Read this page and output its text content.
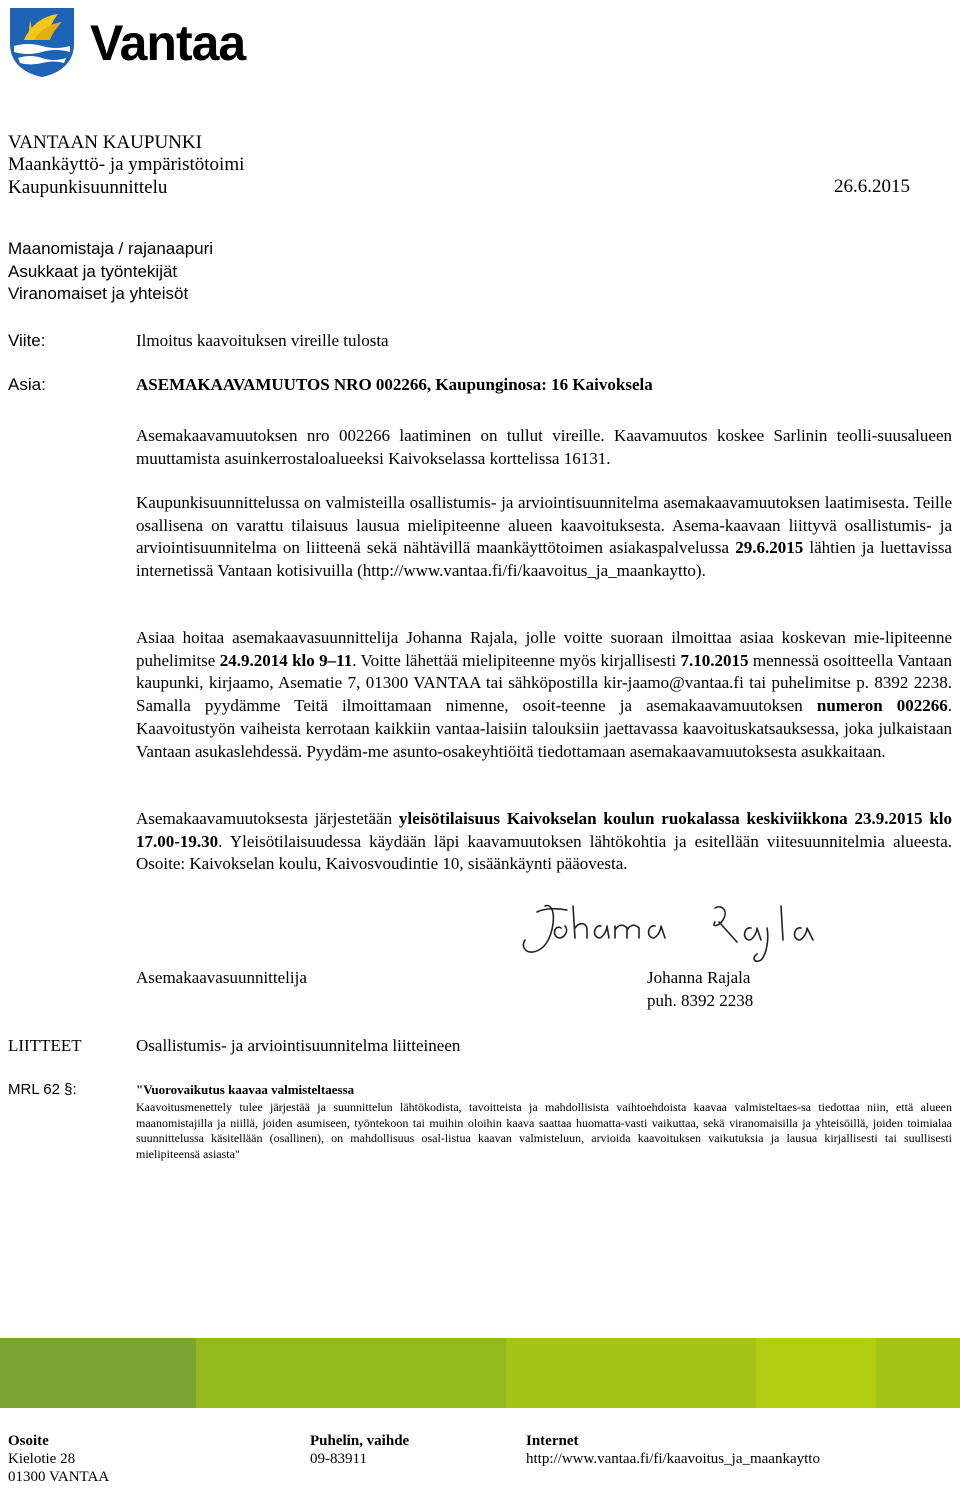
Vantaa
VANTAAN KAUPUNKI
Maankäyttö- ja ympäristötoimi
Kaupunkisuunnittelu	26.6.2015
Maanomistaja / rajanaapuri
Asukkaat ja työntekijät
Viranomaiset ja yhteisöt
Viite:	Ilmoitus kaavoituksen vireille tulosta
Asia:	ASEMAKAAVAMUUTOS NRO 002266, Kaupunginosa: 16 Kaivoksela
Asemakaavamuutoksen nro 002266 laatiminen on tullut vireille. Kaavamuutos koskee Sarlinin teolli-suusalueen muuttamista asuinkerrostaloalueeksi Kaivokselassa korttelissa 16131.
Kaupunkisuunnittelussa on valmisteilla osallistumis- ja arviointisuunnitelma asemakaavamuutoksen laatimisesta. Teille osallisena on varattu tilaisuus lausua mielipiteenne alueen kaavoituksesta. Asema-kaavaan liittyvä osallistumis- ja arviointisuunnitelma on liitteenä sekä nähtävillä maankäyttötoimen asiakaspalvelussa 29.6.2015 lähtien ja luettavissa internetissä Vantaan kotisivuilla (http://www.vantaa.fi/fi/kaavoitus_ja_maankaytto).
Asiaa hoitaa asemakaavasuunnittelija Johanna Rajala, jolle voitte suoraan ilmoittaa asiaa koskevan mie-lipiteenne puhelimitse 24.9.2014 klo 9–11. Voitte lähettää mielipiteenne myös kirjallisesti 7.10.2015 mennessä osoitteella Vantaan kaupunki, kirjaamo, Asematie 7, 01300 VANTAA tai sähköpostilla kir-jaamo@vantaa.fi tai puhelimitse p. 8392 2238. Samalla pyydämme Teitä ilmoittamaan nimenne, osoit-teenne ja asemakaavamuutoksen numeron 002266. Kaavoitustyön vaiheista kerrotaan kaikkiin vantaa-laisiin talouksiin jaettavassa kaavoituskatsauksessa, joka julkaistaan Vantaan asukaslehdessä. Pyydäm-me asunto-osakeyhtiöitä tiedottamaan asemakaavamuutoksesta asukkaitaan.
Asemakaavamuutoksesta järjestetään yleisötilaisuus Kaivokselan koulun ruokalassa keskiviikkona 23.9.2015 klo 17.00-19.30. Yleisötilaisuudessa käydään läpi kaavamuutoksen lähtökohtia ja esitellään viitesuunnitelmia alueesta. Osoite: Kaivokselan koulu, Kaivosvoudintie 10, sisäänkäynti pääovesta.
Asemakaavasuunnittelija	Johanna Rajala
puh. 8392 2238
LIITTEET	Osallistumis- ja arviointisuunnitelma liitteineen
MRL 62 §:	"Vuorovaikutus kaavaa valmisteltaessa
Kaavoitusmenettely tulee järjestää ja suunnittelun lähtökodista, tavoitteista ja mahdollisista vaihtoehdoista kaavaa valmisteltaes-sa tiedottaa niin, että alueen maanomistajilla ja niillä, joiden asumiseen, työntekoon tai muihin oloihin kaava saattaa huomatta-vasti vaikuttaa, sekä viranomaisilla ja yhteisöillä, joiden toimialaa suunnittelussa käsitellään (osallinen), on mahdollisuus osal-listua kaavan valmisteluun, arvioida kaavoituksen vaikutuksia ja lausua kirjallisesti tai suullisesti mielipiteensä asiasta"
Osoite
Kielotie 28
01300 VANTAA
Puhelin, vaihde
09-83911
Internet
http://www.vantaa.fi/fi/kaavoitus_ja_maankaytto
